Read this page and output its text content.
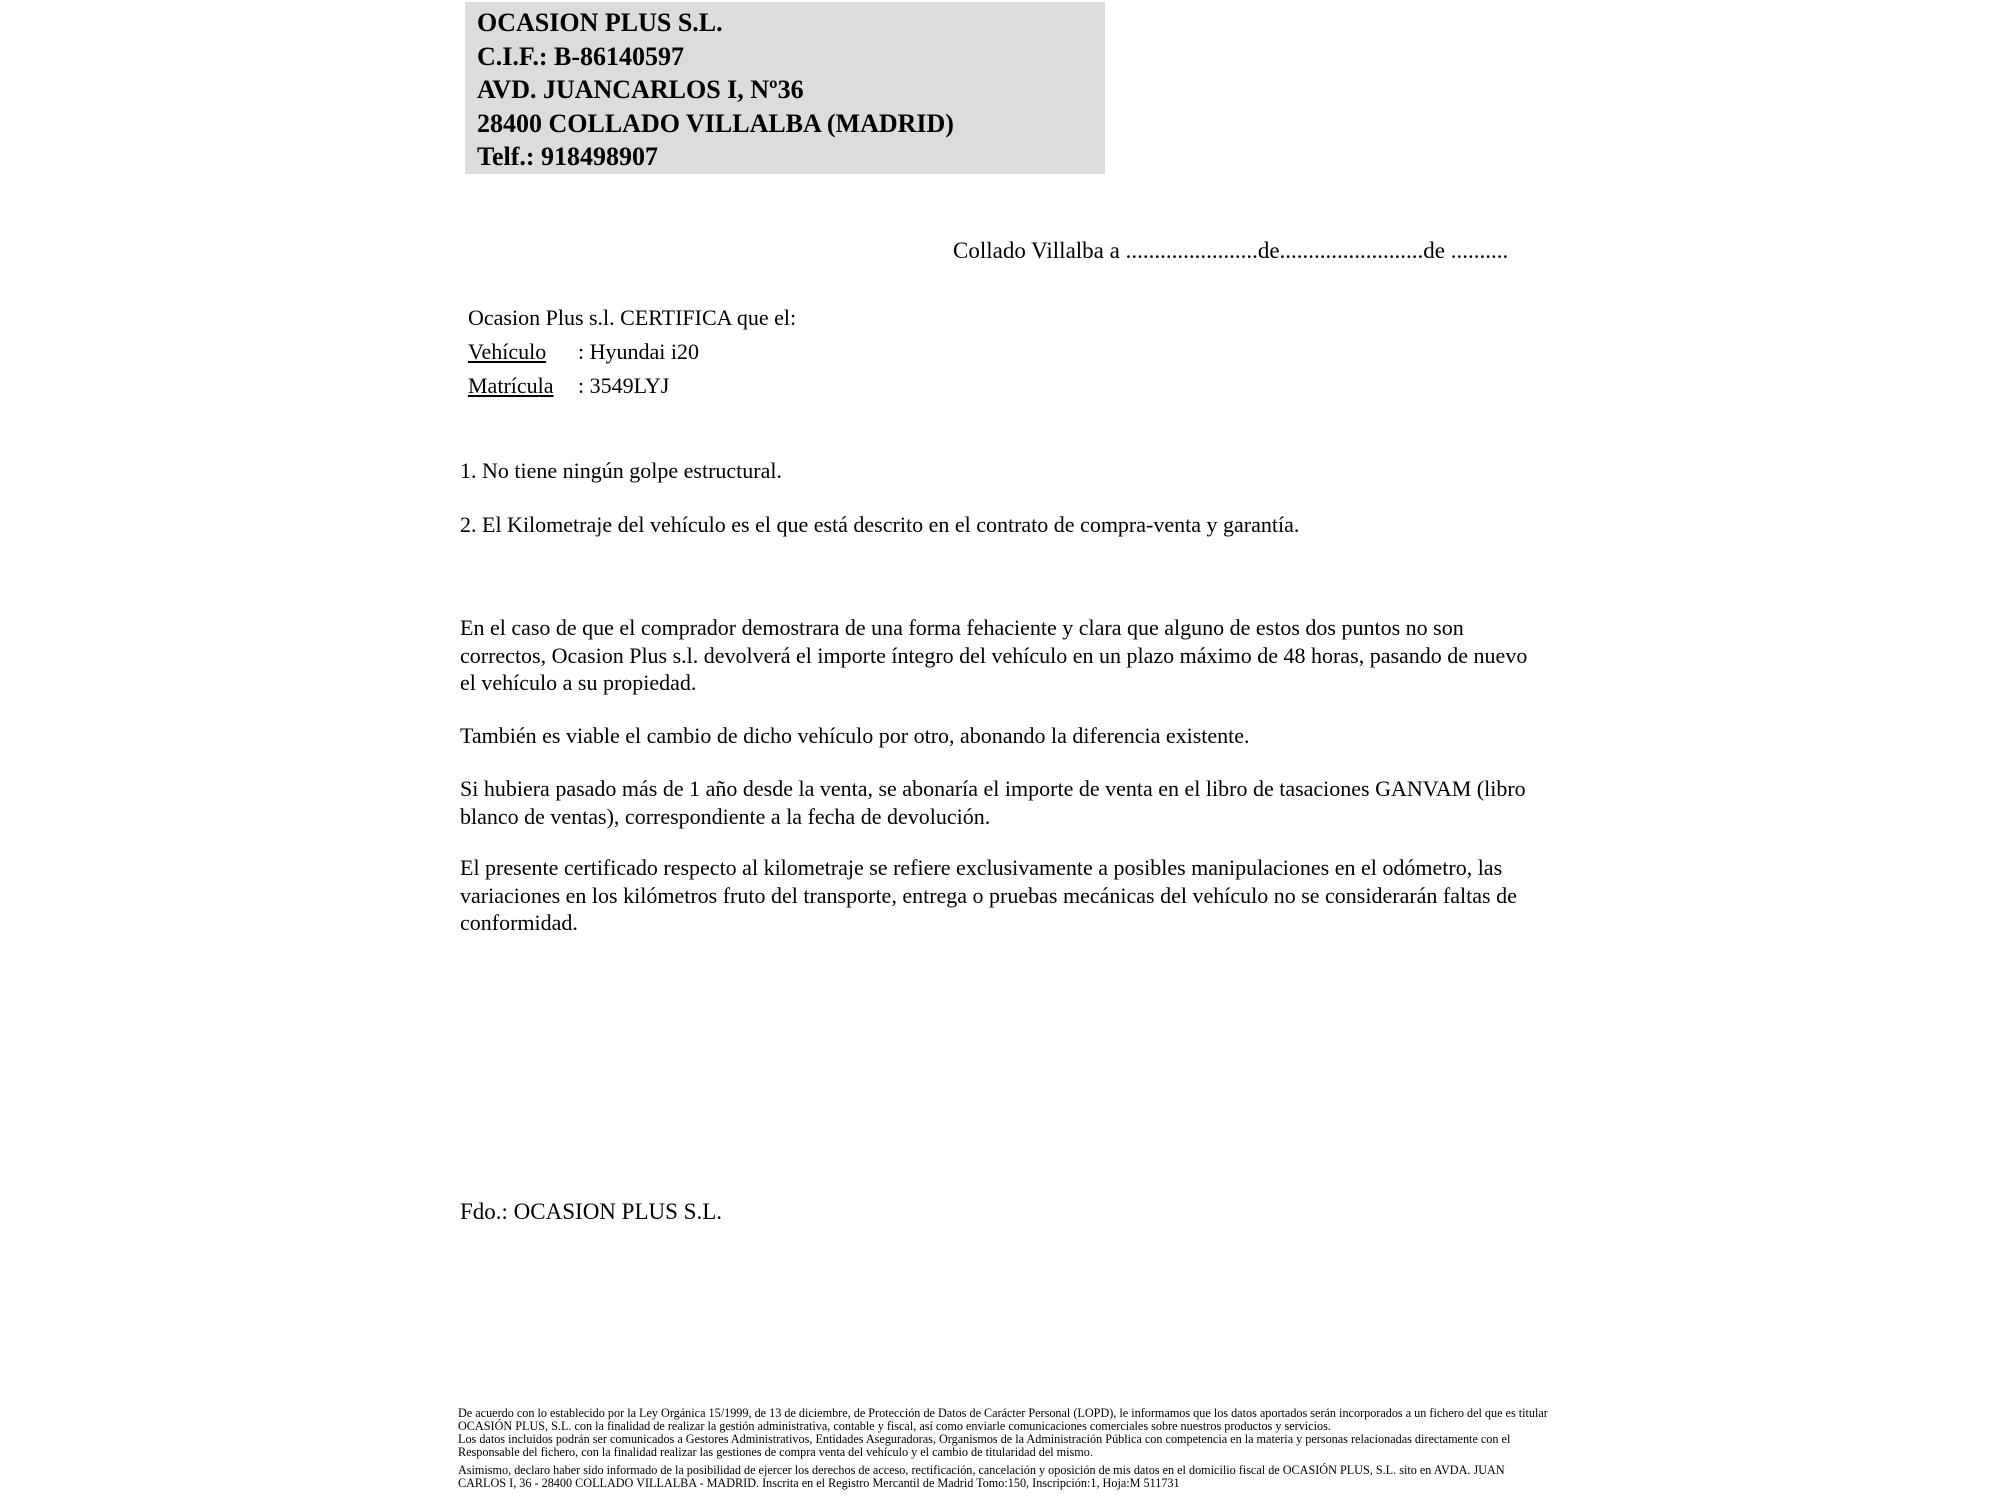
OCASION PLUS S.L.
C.I.F.: B-86140597
AVD. JUANCARLOS I, Nº36
28400 COLLADO VILLALBA (MADRID)
Telf.: 918498907
Collado Villalba a .......................de.........................de ..........
Ocasion Plus s.l. CERTIFICA que el:
Vehículo : Hyundai i20
Matrícula : 3549LYJ
1. No tiene ningún golpe estructural.
2. El Kilometraje del vehículo es el que está descrito en el contrato de compra-venta y garantía.
En el caso de que el comprador demostrara de una forma fehaciente y clara que alguno de estos dos puntos no son correctos, Ocasion Plus s.l. devolverá el importe íntegro del vehículo en un plazo máximo de 48 horas, pasando de nuevo el vehículo a su propiedad.
También es viable el cambio de dicho vehículo por otro, abonando la diferencia existente.
Si hubiera pasado más de 1 año desde la venta, se abonaría el importe de venta en el libro de tasaciones GANVAM (libro blanco de ventas), correspondiente a la fecha de devolución.
El presente certificado respecto al kilometraje se refiere exclusivamente a posibles manipulaciones en el odómetro, las variaciones en los kilómetros fruto del transporte, entrega o pruebas mecánicas del vehículo no se considerarán faltas de conformidad.
Fdo.: OCASION PLUS S.L.
De acuerdo con lo establecido por la Ley Orgánica 15/1999, de 13 de diciembre, de Protección de Datos de Carácter Personal (LOPD), le informamos que los datos aportados serán incorporados a un fichero del que es titular
OCASIÓN PLUS, S.L. con la finalidad de realizar la gestión administrativa, contable y fiscal, así como enviarle comunicaciones comerciales sobre nuestros productos y servicios.
Los datos incluidos podrán ser comunicados a Gestores Administrativos, Entidades Aseguradoras, Organismos de la Administración Pública con competencia en la materia y personas relacionadas directamente con el
Responsable del fichero, con la finalidad realizar las gestiones de compra venta del vehículo y el cambio de titularidad del mismo.
Asimismo, declaro haber sido informado de la posibilidad de ejercer los derechos de acceso, rectificación, cancelación y oposición de mis datos en el domicilio fiscal de OCASIÓN PLUS, S.L. sito en AVDA. JUAN
CARLOS I, 36 - 28400 COLLADO VILLALBA - MADRID. Inscrita en el Registro Mercantil de Madrid Tomo:150, Inscripción:1, Hoja:M 511731
